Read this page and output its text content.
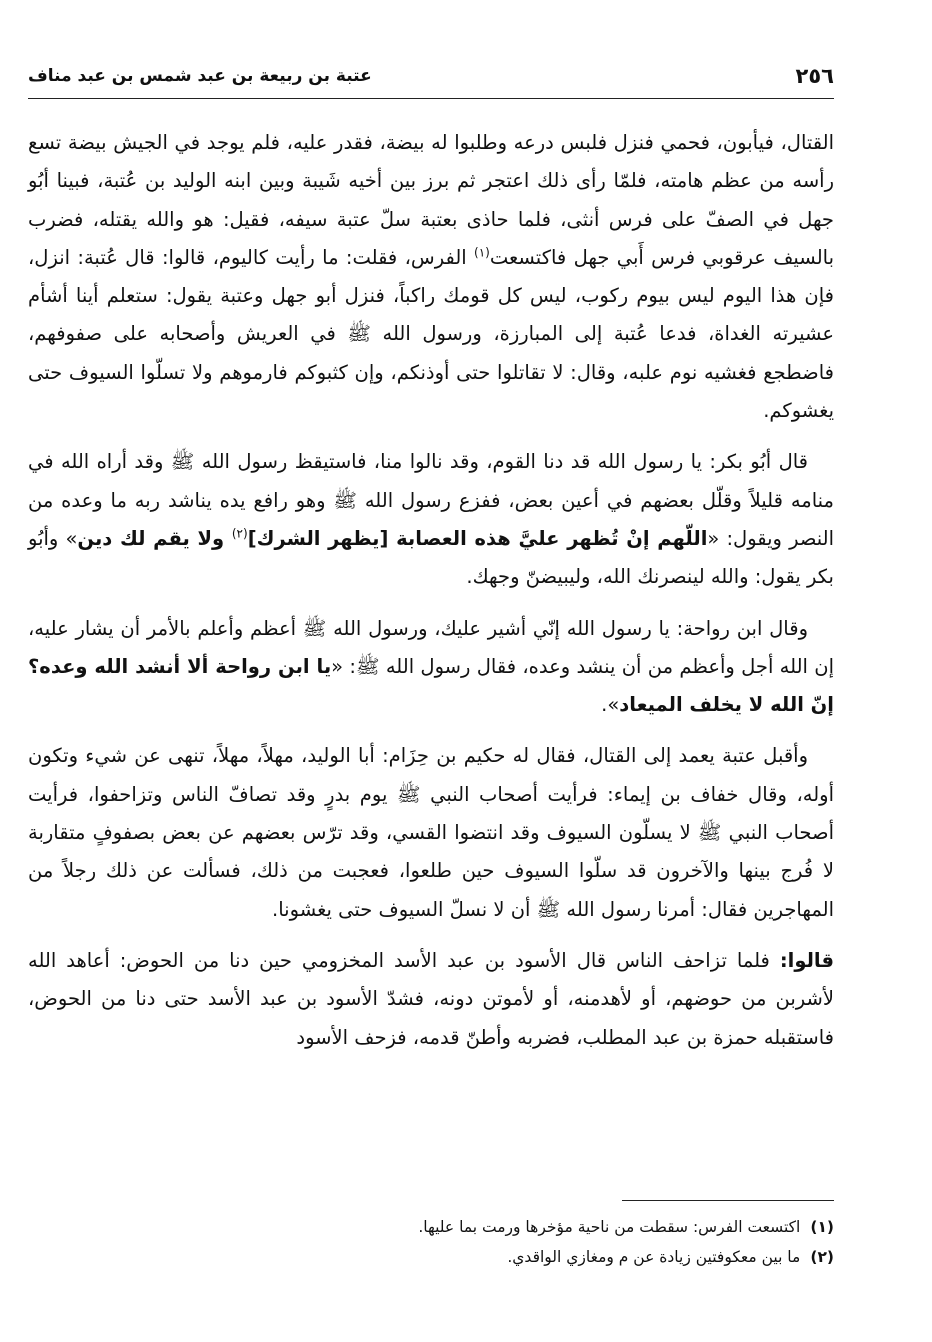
٢٥٦
عتبة بن ربيعة بن عبد شمس بن عبد مناف

القتال، فيأبون، فحمي فنزل فلبس درعه وطلبوا له بيضة، فقدر عليه، فلم يوجد في الجيش بيضة تسع رأسه من عظم هامته، فلمّا رأى ذلك اعتجر ثم برز بين أخيه شَيبة وبين ابنه الوليد بن عُتبة، فبينا أبُو جهل في الصفّ على فرس أنثى، فلما حاذى بعتبة سلّ عتبة سيفه، فقيل: هو والله يقتله، فضرب بالسيف عرقوبي فرس أَبي جهل فاكتسعت$^{(١)}$ الفرس، فقلت: ما رأيت كاليوم، قالوا: قال عُتبة: انزل، فإن هذا اليوم ليس بيوم ركوب، ليس كل قومك راكباً، فنزل أبو جهل وعتبة يقول: ستعلم أينا أشأم عشيرته الغداة، فدعا عُتبة إلى المبارزة، ورسول الله ﷺ في العريش وأصحابه على صفوفهم، فاضطجع فغشيه نوم علبه، وقال: لا تقاتلوا حتى أوذنكم، وإن كثبوكم فارموهم ولا تسلّوا السيوف حتى يغشوكم.

قال أبُو بكر: يا رسول الله قد دنا القوم، وقد نالوا منا، فاستيقظ رسول الله ﷺ وقد أراه الله في منامه قليلاً وقلّل بعضهم في أعين بعض، ففزع رسول الله ﷺ وهو رافع يده يناشد ربه ما وعده من النصر ويقول: «اللّهم إنْ تُظهر عليَّ هذه العصابة [يظهر الشرك]$^{(٢)}$ ولا يقم لك دين» وأبُو بكر يقول: والله لينصرنك الله، وليبيضنّ وجهك.

وقال ابن رواحة: يا رسول الله إنّي أشير عليك، ورسول الله ﷺ أعظم وأعلم بالأمر أن يشار عليه، إن الله أجل وأعظم من أن ينشد وعده، فقال رسول الله ﷺ: «يا ابن رواحة ألا أنشد الله وعده؟ إنّ الله لا يخلف الميعاد».

وأقبل عتبة يعمد إلى القتال، فقال له حكيم بن حِزَام: أبا الوليد، مهلاً، مهلاً، تنهى عن شيء وتكون أوله، وقال خفاف بن إيماء: فرأيت أصحاب النبي ﷺ يوم بدرٍ وقد تصافّ الناس وتزاحفوا، فرأيت أصحاب النبي ﷺ لا يسلّون السيوف وقد انتضوا القسي، وقد ترّس بعضهم عن بعض بصفوفٍ متقاربة لا فُرج بينها والآخرون قد سلّوا السيوف حين طلعوا، فعجبت من ذلك، فسألت عن ذلك رجلاً من المهاجرين فقال: أمرنا رسول الله ﷺ أن لا نسلّ السيوف حتى يغشونا.

قالوا: فلما تزاحف الناس قال الأسود بن عبد الأسد المخزومي حين دنا من الحوض: أعاهد الله لأشربن من حوضهم، أو لأهدمنه، أو لأموتن دونه، فشدّ الأسود بن عبد الأسد حتى دنا من الحوض، فاستقبله حمزة بن عبد المطلب، فضربه وأطنّ قدمه، فزحف الأسود

(١)اكتسعت الفرس: سقطت من ناحية مؤخرها ورمت بما عليها.
(٢)ما بين معكوفتين زيادة عن م ومغازي الواقدي.
